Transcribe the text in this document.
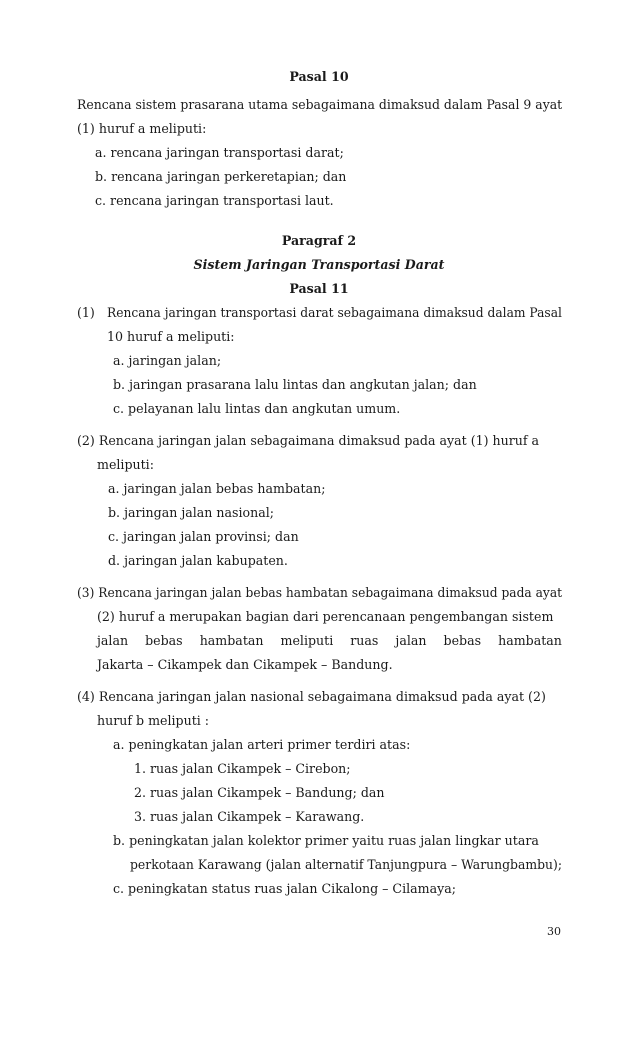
Pasal 10
Rencana sistem prasarana utama sebagaimana dimaksud dalam Pasal 9 ayat
(1) huruf a meliputi:
a. rencana jaringan transportasi darat;
b. rencana jaringan perkeretapian; dan
c. rencana jaringan transportasi laut.
Paragraf 2
Sistem Jaringan Transportasi Darat
Pasal 11
(1) Rencana jaringan transportasi darat sebagaimana dimaksud dalam Pasal
10 huruf a meliputi:
a. jaringan jalan;
b. jaringan prasarana lalu lintas dan angkutan jalan; dan
c. pelayanan lalu lintas dan angkutan umum.
(2) Rencana jaringan jalan sebagaimana dimaksud pada ayat (1) huruf a
meliputi:
a. jaringan jalan bebas hambatan;
b. jaringan jalan nasional;
c. jaringan jalan provinsi; dan
d. jaringan jalan kabupaten.
(3) Rencana jaringan jalan bebas hambatan sebagaimana dimaksud pada ayat
(2) huruf a merupakan bagian dari perencanaan pengembangan sistem
jalan bebas hambatan meliputi ruas jalan bebas hambatan
Jakarta – Cikampek dan Cikampek – Bandung.
(4) Rencana jaringan jalan nasional sebagaimana dimaksud pada ayat (2)
huruf b meliputi :
a. peningkatan jalan arteri primer terdiri atas:
1. ruas jalan Cikampek – Cirebon;
2. ruas jalan Cikampek – Bandung; dan
3. ruas jalan Cikampek – Karawang.
b. peningkatan jalan kolektor primer yaitu ruas jalan lingkar utara
perkotaan Karawang (jalan alternatif Tanjungpura – Warungbambu);
c. peningkatan status ruas jalan Cikalong – Cilamaya;
30
